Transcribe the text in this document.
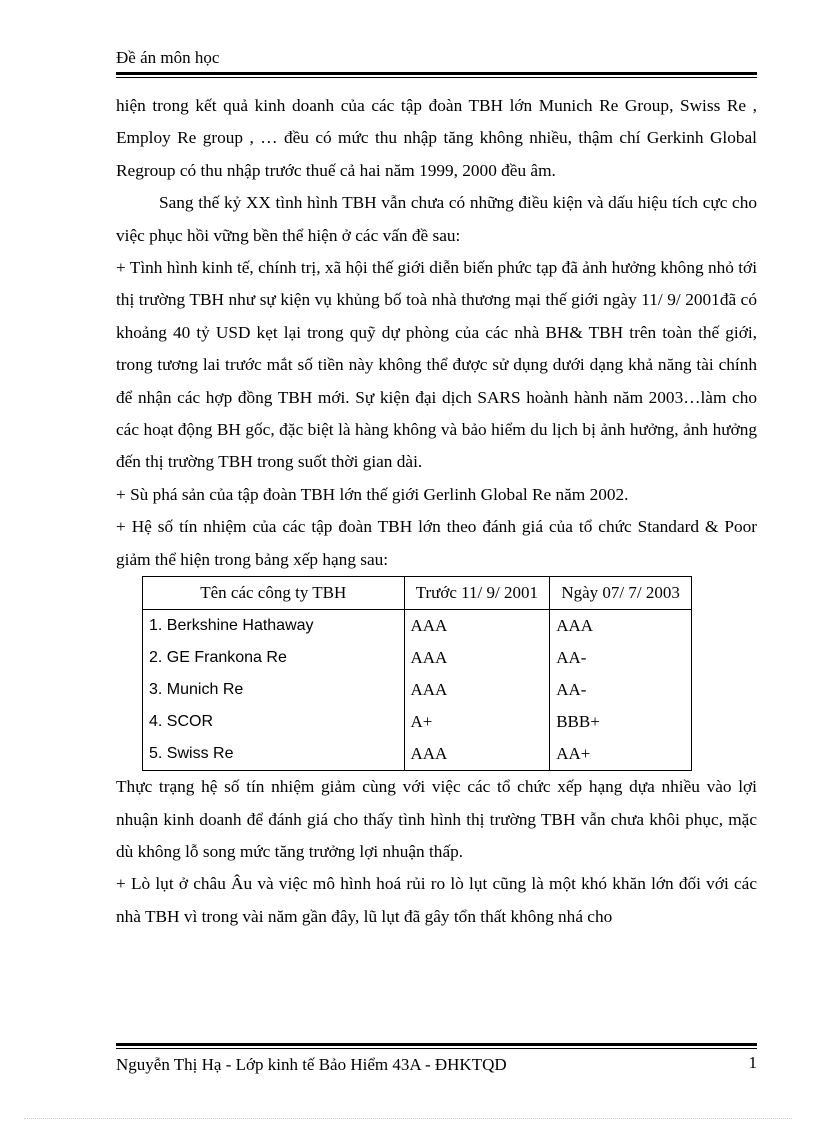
Đề án môn học

hiện trong kết quả kinh doanh của các tập đoàn TBH lớn Munich Re Group, Swiss Re , Employ Re group , … đều có mức thu nhập tăng không nhiều, thậm chí Gerkinh Global Regroup có thu nhập trước thuế cả hai năm 1999, 2000 đều âm.

Sang thế kỷ XX tình hình TBH vẫn chưa có những điều kiện và dấu hiệu tích cực cho việc phục hồi vững bền thể hiện ở các vấn đề sau:

+ Tình hình kinh tế, chính trị, xã hội thế giới diễn biến phức tạp đã ảnh hưởng không nhỏ tới thị trường TBH như sự kiện vụ khủng bố toà nhà thương mại thế giới ngày 11/ 9/ 2001đã có khoảng 40 tỷ USD kẹt lại trong quỹ dự phòng của các nhà BH& TBH trên toàn thế giới, trong tương lai trước mắt số tiền này không thể được sử dụng dưới dạng khả năng tài chính để nhận các hợp đồng TBH mới. Sự kiện đại dịch SARS hoành hành năm 2003…làm cho các hoạt động BH gốc, đặc biệt là hàng không và bảo hiểm du lịch bị ảnh hưởng, ảnh hưởng đến thị trường TBH trong suốt thời gian dài.

+ Sù phá sản của tập đoàn TBH lớn thế giới Gerlinh Global Re năm 2002.

+ Hệ số tín nhiệm của các tập đoàn TBH lớn theo đánh giá của tổ chức Standard & Poor giảm thể hiện trong bảng xếp hạng sau:

Tên các công ty TBH	Trước 11/ 9/ 2001	Ngày 07/ 7/ 2003
1. Berkshine Hathaway	AAA	AAA
2. GE Frankona Re	AAA	AA-
3. Munich Re	AAA	AA-
4. SCOR	A+	BBB+
5. Swiss Re	AAA	AA+

Thực trạng hệ số tín nhiệm giảm cùng với việc các tổ chức xếp hạng dựa nhiều vào lợi nhuận kinh doanh để đánh giá cho thấy tình hình thị trường TBH vẫn chưa khôi phục, mặc dù không lỗ song mức tăng trưởng lợi nhuận thấp.

+ Lò lụt ở châu Âu và việc mô hình hoá rủi ro lò lụt cũng là một khó khăn lớn đối với các nhà TBH vì trong vài năm gần đây, lũ lụt đã gây tổn thất không nhá cho

Nguyễn Thị Hạ - Lớp kinh tế Bảo Hiểm 43A - ĐHKTQD	1
